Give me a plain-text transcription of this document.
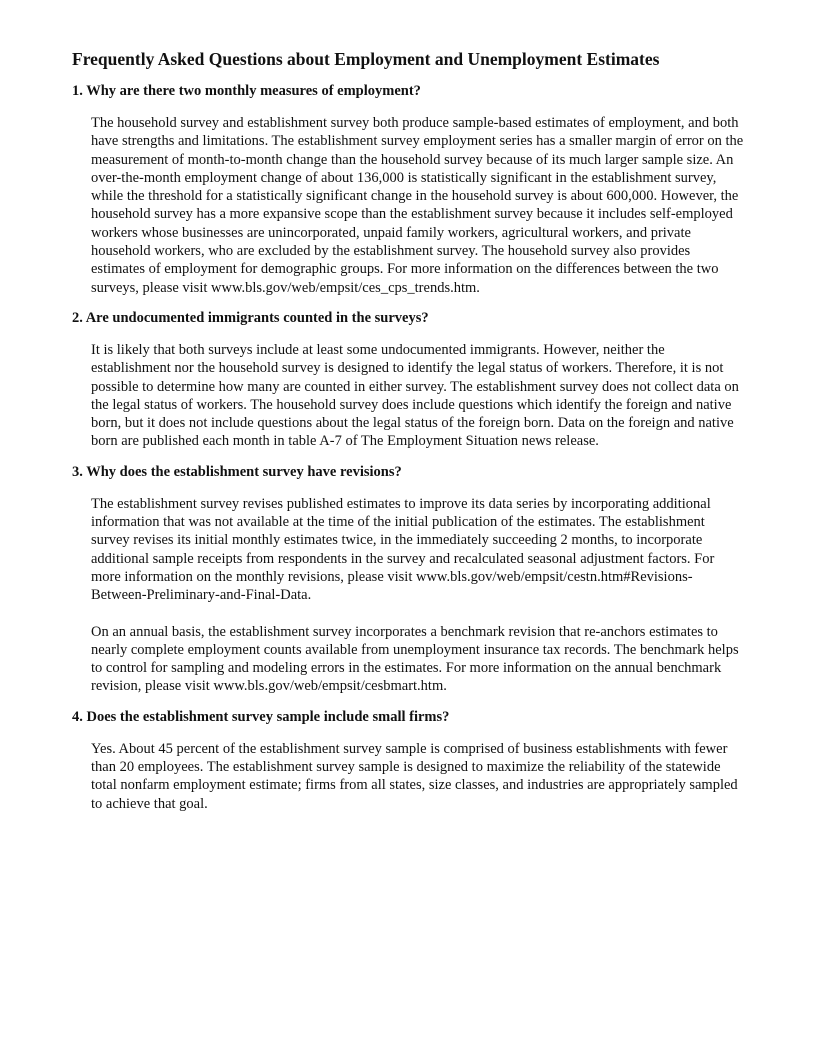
Frequently Asked Questions about Employment and Unemployment Estimates
1. Why are there two monthly measures of employment?

The household survey and establishment survey both produce sample-based estimates of employment, and both have strengths and limitations. The establishment survey employment series has a smaller margin of error on the measurement of month-to-month change than the household survey because of its much larger sample size. An over-the-month employment change of about 136,000 is statistically significant in the establishment survey, while the threshold for a statistically significant change in the household survey is about 600,000. However, the household survey has a more expansive scope than the establishment survey because it includes self-employed workers whose businesses are unincorporated, unpaid family workers, agricultural workers, and private household workers, who are excluded by the establishment survey. The household survey also provides estimates of employment for demographic groups. For more information on the differences between the two surveys, please visit www.bls.gov/web/empsit/ces_cps_trends.htm.

2. Are undocumented immigrants counted in the surveys?

It is likely that both surveys include at least some undocumented immigrants. However, neither the establishment nor the household survey is designed to identify the legal status of workers. Therefore, it is not possible to determine how many are counted in either survey. The establishment survey does not collect data on the legal status of workers. The household survey does include questions which identify the foreign and native born, but it does not include questions about the legal status of the foreign born. Data on the foreign and native born are published each month in table A-7 of The Employment Situation news release.

3. Why does the establishment survey have revisions?

The establishment survey revises published estimates to improve its data series by incorporating additional information that was not available at the time of the initial publication of the estimates. The establishment survey revises its initial monthly estimates twice, in the immediately succeeding 2 months, to incorporate additional sample receipts from respondents in the survey and recalculated seasonal adjustment factors. For more information on the monthly revisions, please visit www.bls.gov/web/empsit/cestn.htm#Revisions-Between-Preliminary-and-Final-Data.

On an annual basis, the establishment survey incorporates a benchmark revision that re-anchors estimates to nearly complete employment counts available from unemployment insurance tax records. The benchmark helps to control for sampling and modeling errors in the estimates. For more information on the annual benchmark revision, please visit www.bls.gov/web/empsit/cesbmart.htm.

4. Does the establishment survey sample include small firms?

Yes. About 45 percent of the establishment survey sample is comprised of business establishments with fewer than 20 employees. The establishment survey sample is designed to maximize the reliability of the statewide total nonfarm employment estimate; firms from all states, size classes, and industries are appropriately sampled to achieve that goal.
